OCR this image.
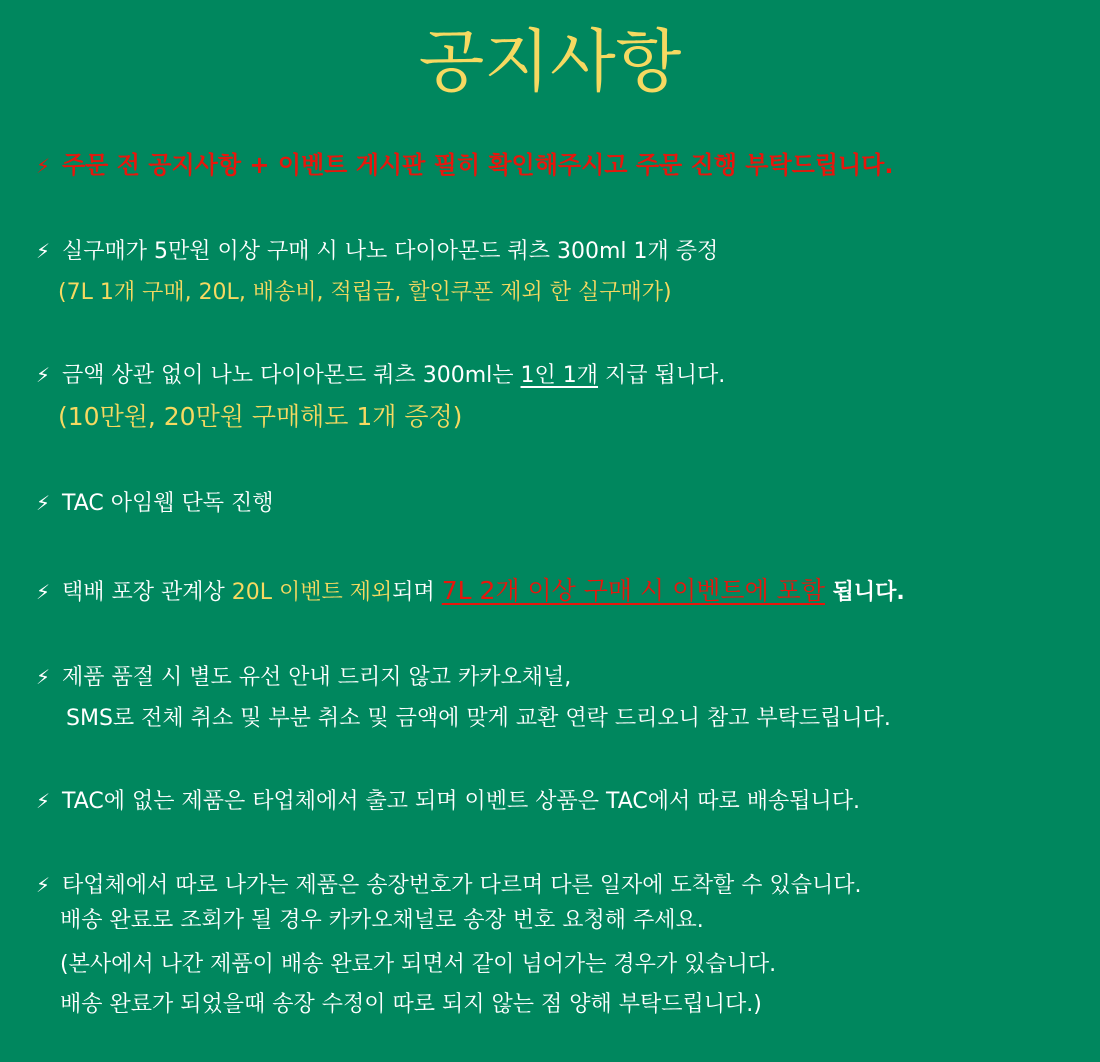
공지사항
⚡ 주문 전 공지사항 + 이벤트 게시판 필히 확인해주시고 주문 진행 부탁드립니다.
⚡ 실구매가 5만원 이상 구매 시 나노 다이아몬드 쿼츠 300ml 1개 증정
(7L 1개 구매, 20L, 배송비, 적립금, 할인쿠폰 제외 한 실구매가)
⚡ 금액 상관 없이 나노 다이아몬드 쿼츠 300ml는 1인 1개 지급 됩니다.
(10만원, 20만원 구매해도 1개 증정)
⚡ TAC 아임웹 단독 진행
⚡ 택배 포장 관계상 20L 이벤트 제외되며 7L 2개 이상 구매 시 이벤트에 포함 됩니다.
⚡ 제품 품절 시 별도 유선 안내 드리지 않고 카카오채널,
SMS로 전체 취소 및 부분 취소 및 금액에 맞게 교환 연락 드리오니 참고 부탁드립니다.
⚡ TAC에 없는 제품은 타업체에서 출고 되며 이벤트 상품은 TAC에서 따로 배송됩니다.
⚡ 타업체에서 따로 나가는 제품은 송장번호가 다르며 다른 일자에 도착할 수 있습니다.
배송 완료로 조회가 될 경우 카카오채널로 송장 번호 요청해 주세요.
(본사에서 나간 제품이 배송 완료가 되면서 같이 넘어가는 경우가 있습니다.
배송 완료가 되었을때 송장 수정이 따로 되지 않는 점 양해 부탁드립니다.)
